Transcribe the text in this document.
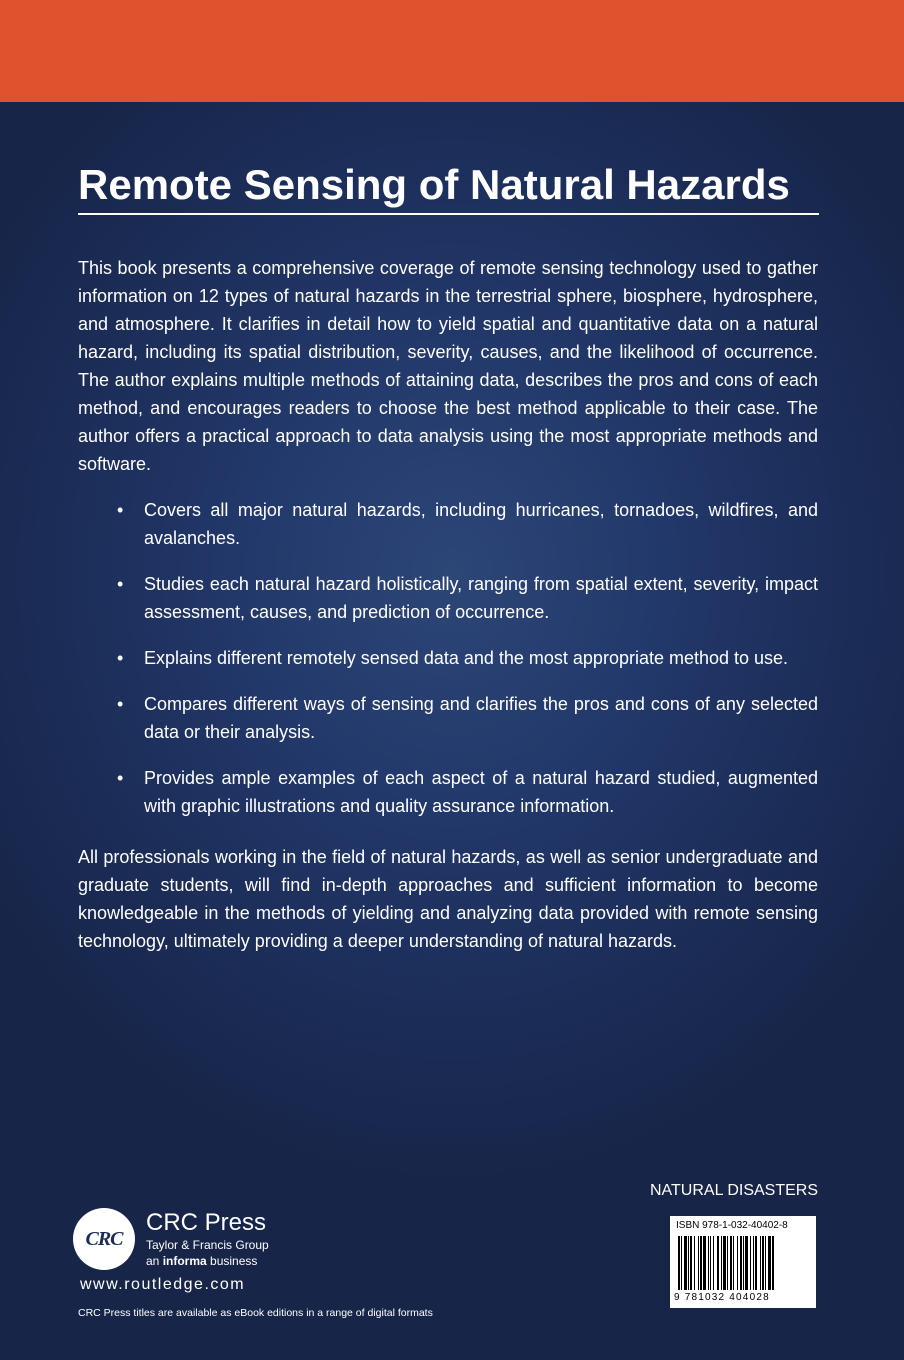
Remote Sensing of Natural Hazards
This book presents a comprehensive coverage of remote sensing technology used to gather information on 12 types of natural hazards in the terrestrial sphere, biosphere, hydrosphere, and atmosphere. It clarifies in detail how to yield spatial and quantitative data on a natural hazard, including its spatial distribution, severity, causes, and the likelihood of occurrence. The author explains multiple methods of attaining data, describes the pros and cons of each method, and encourages readers to choose the best method applicable to their case. The author offers a practical approach to data analysis using the most appropriate methods and software.
• Covers all major natural hazards, including hurricanes, tornadoes, wildfires, and avalanches.
• Studies each natural hazard holistically, ranging from spatial extent, severity, impact assessment, causes, and prediction of occurrence.
• Explains different remotely sensed data and the most appropriate method to use.
• Compares different ways of sensing and clarifies the pros and cons of any selected data or their analysis.
• Provides ample examples of each aspect of a natural hazard studied, augmented with graphic illustrations and quality assurance information.
All professionals working in the field of natural hazards, as well as senior undergraduate and graduate students, will find in-depth approaches and sufficient information to become knowledgeable in the methods of yielding and analyzing data provided with remote sensing technology, ultimately providing a deeper understanding of natural hazards.
NATURAL DISASTERS
ISBN 978-1-032-40402-8
9 781032 404028
CRC
CRC Press
Taylor & Francis Group
an informa business
www.routledge.com
CRC Press titles are available as eBook editions in a range of digital formats
